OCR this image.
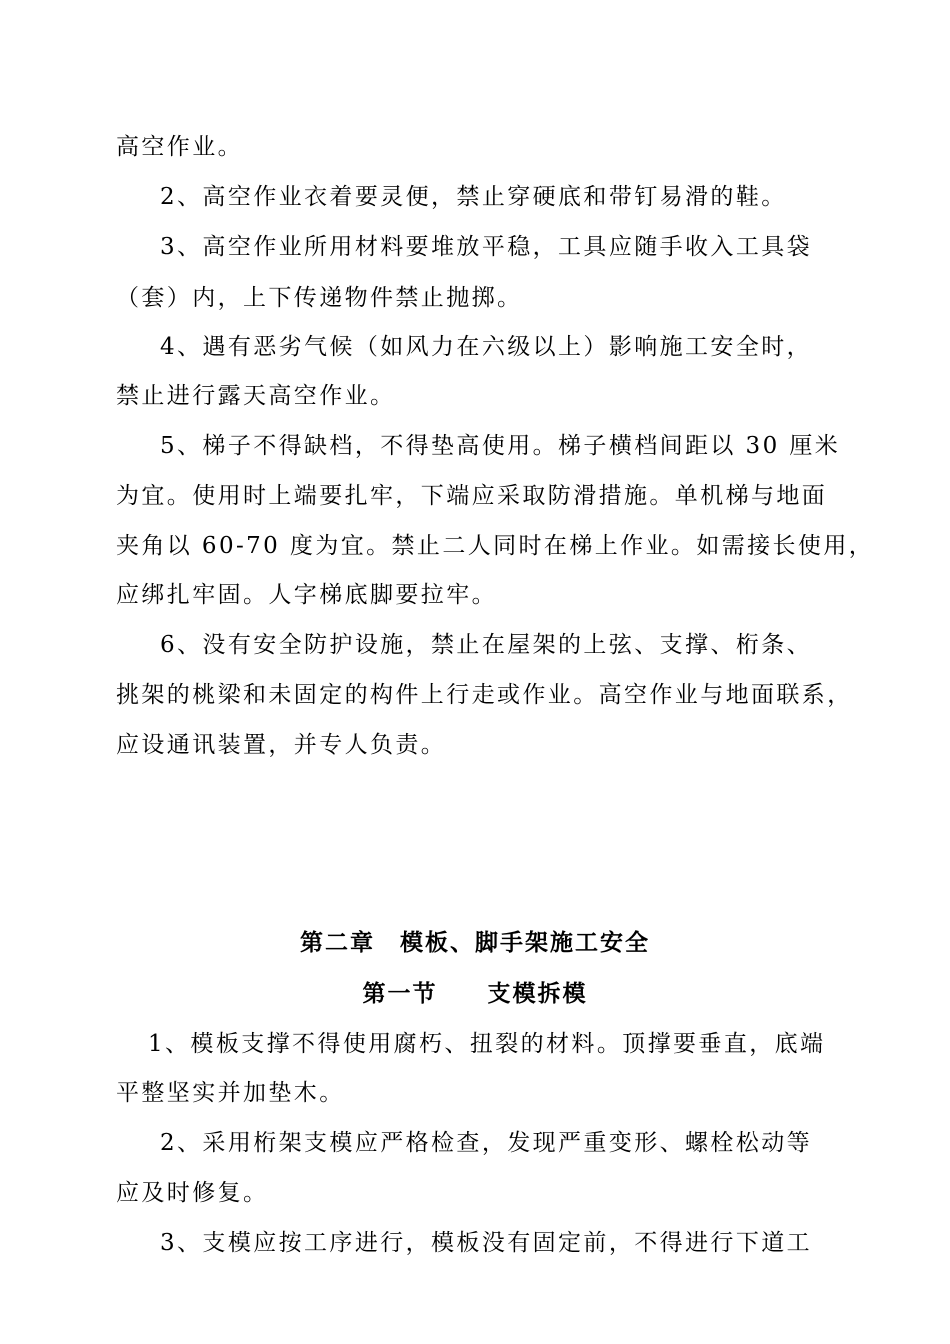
高空作业。
2、高空作业衣着要灵便，禁止穿硬底和带钉易滑的鞋。
3、高空作业所用材料要堆放平稳，工具应随手收入工具袋
（套）内，上下传递物件禁止抛掷。
4、遇有恶劣气候（如风力在六级以上）影响施工安全时，
禁止进行露天高空作业。
5、梯子不得缺档，不得垫高使用。梯子横档间距以 30 厘米
为宜。使用时上端要扎牢，下端应采取防滑措施。单机梯与地面
夹角以 60-70 度为宜。禁止二人同时在梯上作业。如需接长使用，
应绑扎牢固。人字梯底脚要拉牢。
6、没有安全防护设施，禁止在屋架的上弦、支撑、桁条、
挑架的桃梁和未固定的构件上行走或作业。高空作业与地面联系，
应设通讯装置，并专人负责。
第二章　模板、脚手架施工安全
第一节　　支模拆模
1、模板支撑不得使用腐朽、扭裂的材料。顶撑要垂直，底端
平整坚实并加垫木。
2、采用桁架支模应严格检查，发现严重变形、螺栓松动等
应及时修复。
3、支模应按工序进行，模板没有固定前，不得进行下道工
